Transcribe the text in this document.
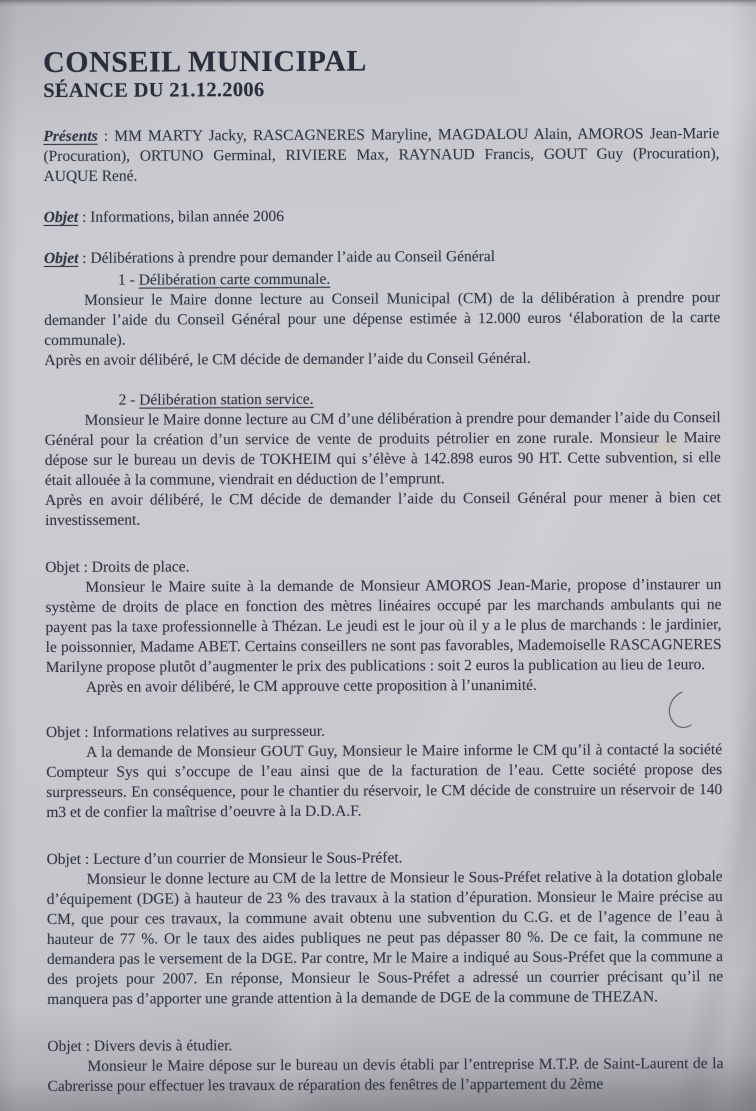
CONSEIL MUNICIPAL
SÉANCE DU 21.12.2006

Présents : MM MARTY Jacky, RASCAGNERES Maryline, MAGDALOU Alain, AMOROS Jean-Marie (Procuration), ORTUNO Germinal, RIVIERE Max, RAYNAUD Francis, GOUT Guy (Procuration), AUQUE René.

Objet : Informations, bilan année 2006

Objet : Délibérations à prendre pour demander l’aide au Conseil Général

1 - Délibération carte communale.

Monsieur le Maire donne lecture au Conseil Municipal (CM) de la délibération à prendre pour demander l’aide du Conseil Général pour une dépense estimée à 12.000 euros ‘élaboration de la carte communale).

Après en avoir délibéré, le CM décide de demander l’aide du Conseil Général.

2 - Délibération station service.

Monsieur le Maire donne lecture au CM d’une délibération à prendre pour demander l’aide du Conseil Général pour la création d’un service de vente de produits pétrolier en zone rurale. Monsieur le Maire dépose sur le bureau un devis de TOKHEIM qui s’élève à 142.898 euros 90 HT. Cette subvention, si elle était allouée à la commune, viendrait en déduction de l’emprunt.

Après en avoir délibéré, le CM décide de demander l’aide du Conseil Général pour mener à bien cet investissement.

Objet : Droits de place.

Monsieur le Maire suite à la demande de Monsieur AMOROS Jean-Marie, propose d’instaurer un système de droits de place en fonction des mètres linéaires occupé par les marchands ambulants qui ne payent pas la taxe professionnelle à Thézan. Le jeudi est le jour où il y a le plus de marchands : le jardinier, le poissonnier, Madame ABET. Certains conseillers ne sont pas favorables, Mademoiselle RASCAGNERES Marilyne propose plutôt d’augmenter le prix des publications : soit 2 euros la publication au lieu de 1euro.

Après en avoir délibéré, le CM approuve cette proposition à l’unanimité.

Objet : Informations relatives au surpresseur.

A la demande de Monsieur GOUT Guy, Monsieur le Maire informe le CM qu’il à contacté la société Compteur Sys qui s’occupe de l’eau ainsi que de la facturation de l’eau. Cette société propose des surpresseurs. En conséquence, pour le chantier du réservoir, le CM décide de construire un réservoir de 140 m3 et de confier la maîtrise d’oeuvre à la D.D.A.F.

Objet : Lecture d’un courrier de Monsieur le Sous-Préfet.

Monsieur le donne lecture au CM de la lettre de Monsieur le Sous-Préfet relative à la dotation globale d’équipement (DGE) à hauteur de 23 % des travaux à la station d’épuration. Monsieur le Maire précise au CM, que pour ces travaux, la commune avait obtenu une subvention du C.G. et de l’agence de l’eau à hauteur de 77 %. Or le taux des aides publiques ne peut pas dépasser 80 %. De ce fait, la commune ne demandera pas le versement de la DGE. Par contre, Mr le Maire a indiqué au Sous-Préfet que la commune a des projets pour 2007. En réponse, Monsieur le Sous-Préfet a adressé un courrier précisant qu’il ne manquera pas d’apporter une grande attention à la demande de DGE de la commune de THEZAN.

Objet : Divers devis à étudier.

Monsieur le Maire dépose sur le bureau un devis établi par l’entreprise M.T.P. de Saint-Laurent de la Cabrerisse pour effectuer les travaux de réparation des fenêtres de l’appartement du 2ème
